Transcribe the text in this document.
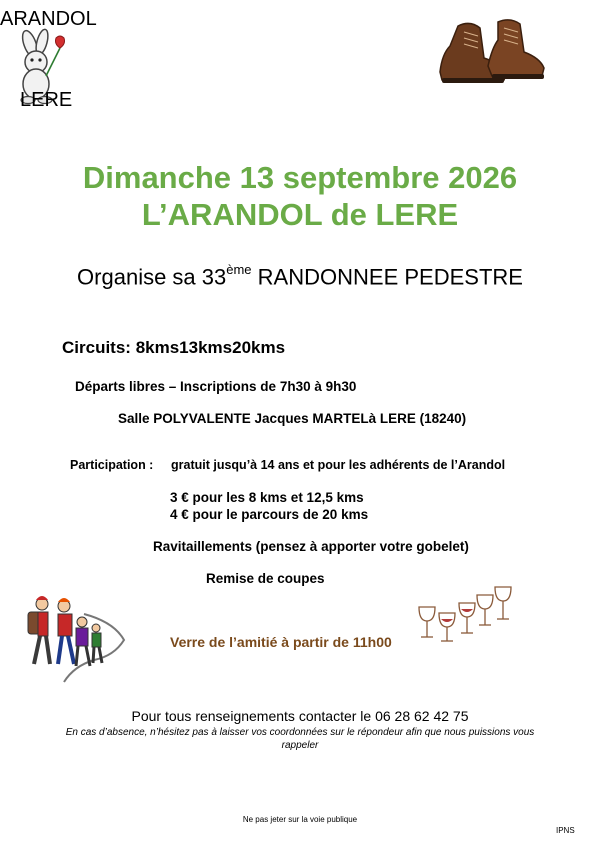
ARANDOL
LERE
Dimanche 13 septembre 2026
L’ARANDOL de LERE
Organise sa 33ème RANDONNEE PEDESTRE
Circuits: 8kms13kms20kms
Départs libres – Inscriptions de 7h30 à 9h30
Salle POLYVALENTE Jacques MARTELà LERE (18240)
Participation : gratuit jusqu’à 14 ans et pour les adhérents de l’Arandol
3 € pour les 8 kms et 12,5 kms
4 € pour le parcours de 20 kms
Ravitaillements (pensez à apporter votre gobelet)
Remise de coupes
Verre de l’amitié à partir de 11h00
Pour tous renseignements contacter le 06 28 62 42 75
En cas d’absence, n’hésitez pas à laisser vos coordonnées sur le répondeur afin que nous puissions vous rappeler
Ne pas jeter sur la voie publique
IPNS
